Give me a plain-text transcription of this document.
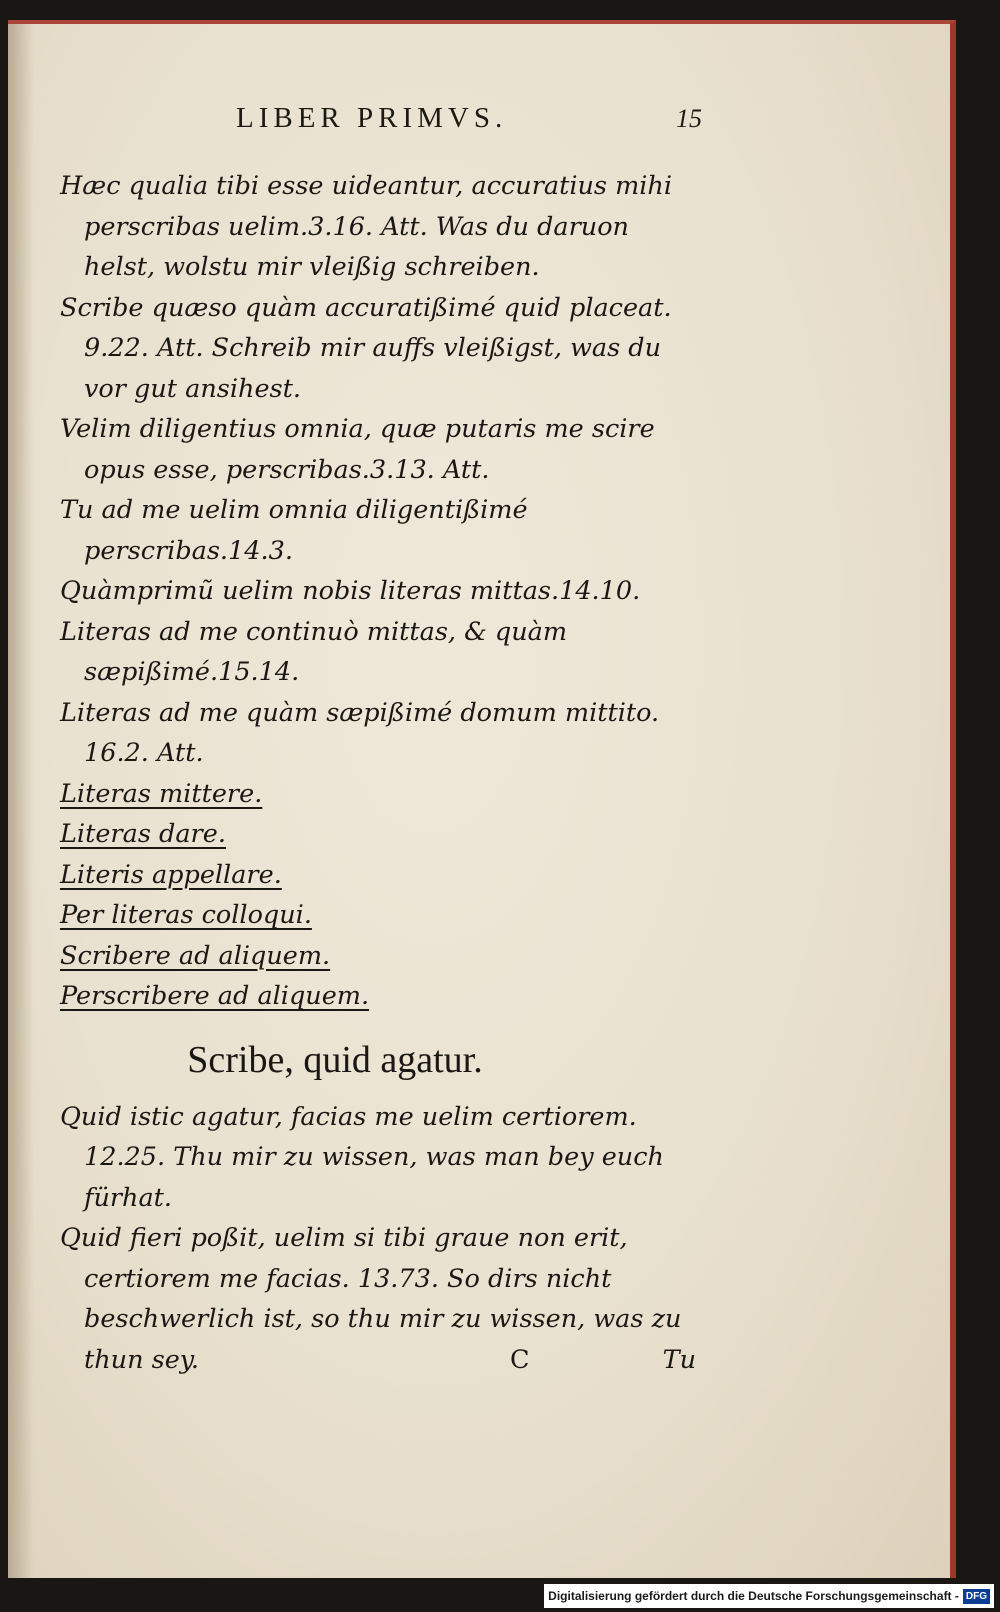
LIBER PRIMVS.	15

Hæc qualia tibi esse uideantur, accuratius mihi perscribas uelim.3.16. Att. Was du daruon helst, wolstu mir vleißig schreiben.

Scribe quæso quàm accuratißimé quid placeat. 9.22. Att. Schreib mir auffs vleißigst, was du vor gut ansihest.

Velim diligentius omnia, quæ putaris me scire opus esse, perscribas.3.13. Att.

Tu ad me uelim omnia diligentißimé perscribas.14.3.

Quàmprimũ uelim nobis literas mittas.14.10.

Literas ad me continuò mittas, & quàm sæpißimé.15.14.

Literas ad me quàm sæpißimé domum mittito. 16.2. Att.

Literas mittere.

Literas dare.

Literis appellare.

Per literas colloqui.

Scribere ad aliquem.

Perscribere ad aliquem.

Scribe, quid agatur.

Quid istic agatur, facias me uelim certiorem. 12.25. Thu mir zu wissen, was man bey euch fürhat.

Quid fieri poßit, uelim si tibi graue non erit, certiorem me facias. 13.73. So dirs nicht beschwerlich ist, so thu mir zu wissen, was zu

thun sey.	C	Tu

Digitalisierung gefördert durch die Deutsche Forschungsgemeinschaft - DFG
